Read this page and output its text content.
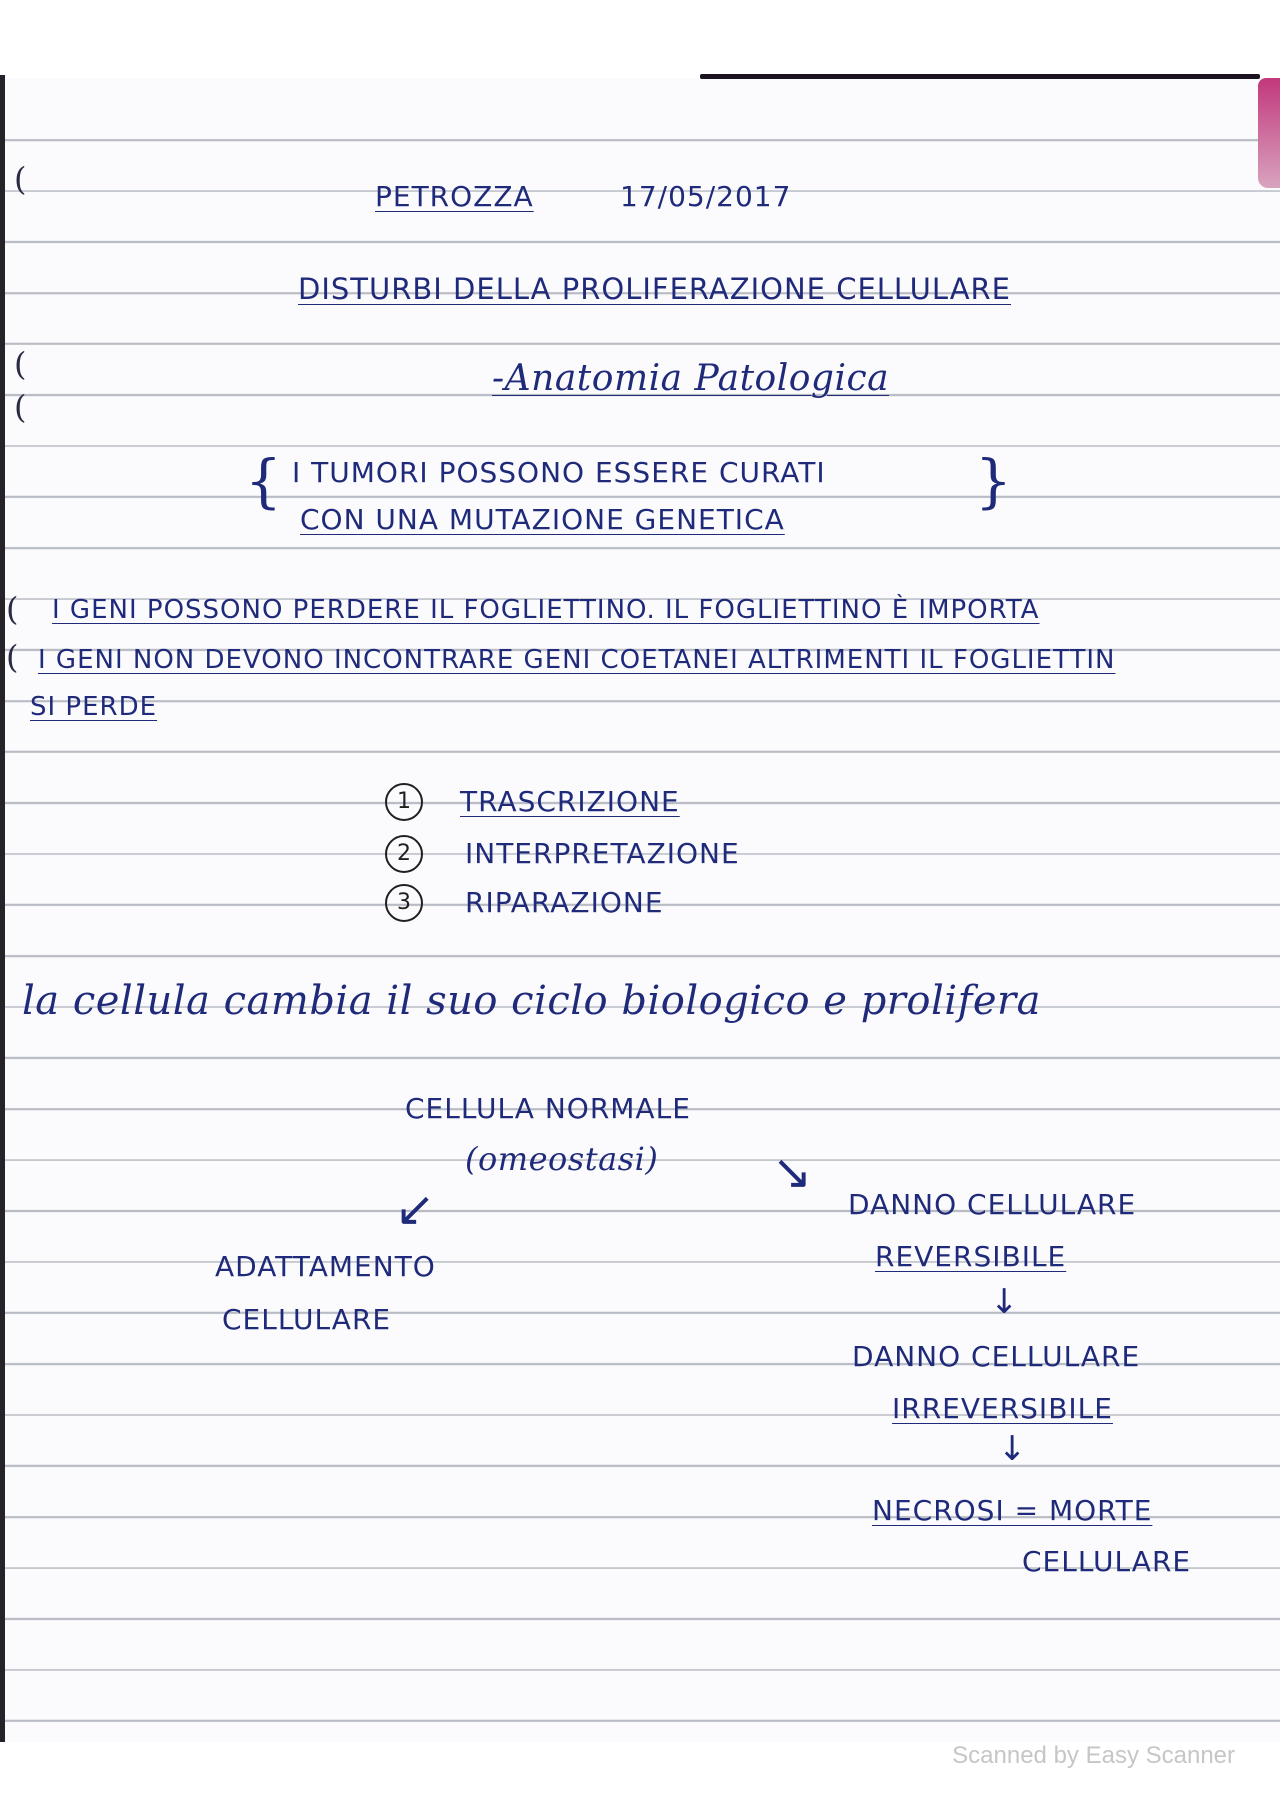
(
(
(
(
(
PETROZZA	17/05/2017
DISTURBI DELLA PROLIFERAZIONE CELLULARE
-Anatomia Patologica
{	}
I TUMORI POSSONO ESSERE CURATI
CON UNA MUTAZIONE GENETICA
I GENI POSSONO PERDERE IL FOGLIETTINO. IL FOGLIETTINO È IMPORTA
I GENI NON DEVONO INCONTRARE GENI COETANEI ALTRIMENTI IL FOGLIETTIN
SI PERDE
1	TRASCRIZIONE
2	INTERPRETAZIONE
3	RIPARAZIONE
la cellula cambia il suo ciclo biologico e prolifera
CELLULA NORMALE
(omeostasi)
↙
↘
ADATTAMENTO
CELLULARE
DANNO CELLULARE
REVERSIBILE
↓
DANNO CELLULARE
IRREVERSIBILE
↓
NECROSI = MORTE
CELLULARE
Scanned by Easy Scanner
